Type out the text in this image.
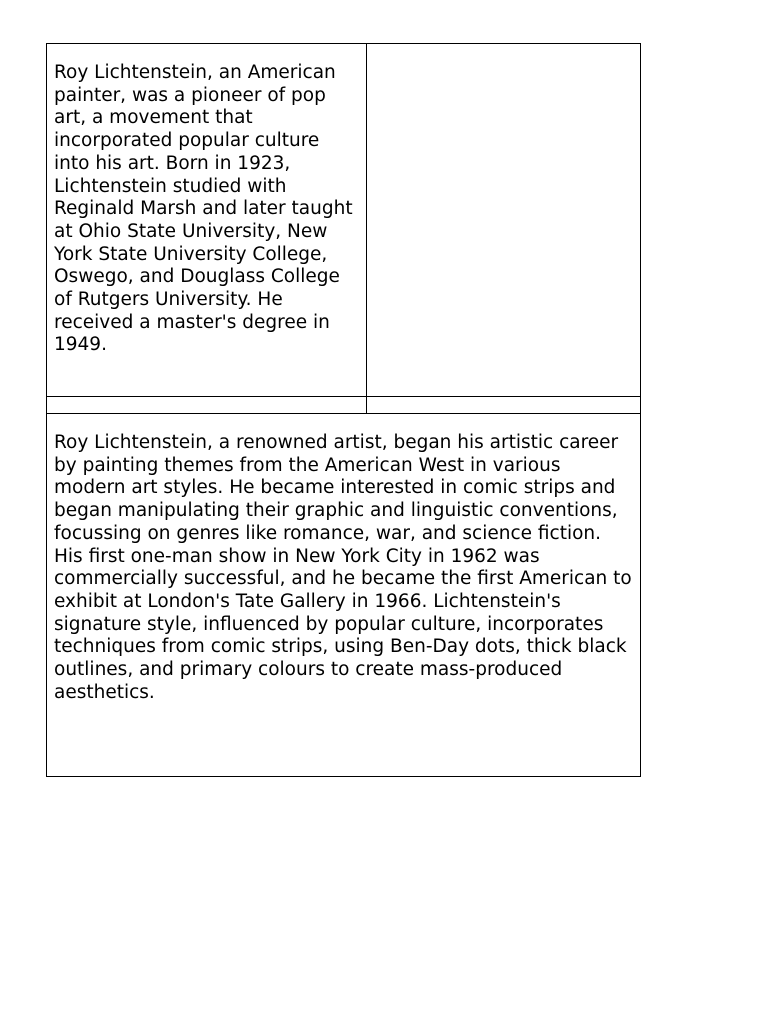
Roy Lichtenstein, an American painter, was a pioneer of pop art, a movement that incorporated popular culture into his art. Born in 1923, Lichtenstein studied with Reginald Marsh and later taught at Ohio State University, New York State University College, Oswego, and Douglass College of Rutgers University. He received a master's degree in 1949.	

Roy Lichtenstein, a renowned artist, began his artistic career by painting themes from the American West in various modern art styles. He became interested in comic strips and began manipulating their graphic and linguistic conventions, focussing on genres like romance, war, and science fiction. His first one-man show in New York City in 1962 was commercially successful, and he became the first American to exhibit at London's Tate Gallery in 1966. Lichtenstein's signature style, influenced by popular culture, incorporates techniques from comic strips, using Ben-Day dots, thick black outlines, and primary colours to create mass-produced aesthetics.	
